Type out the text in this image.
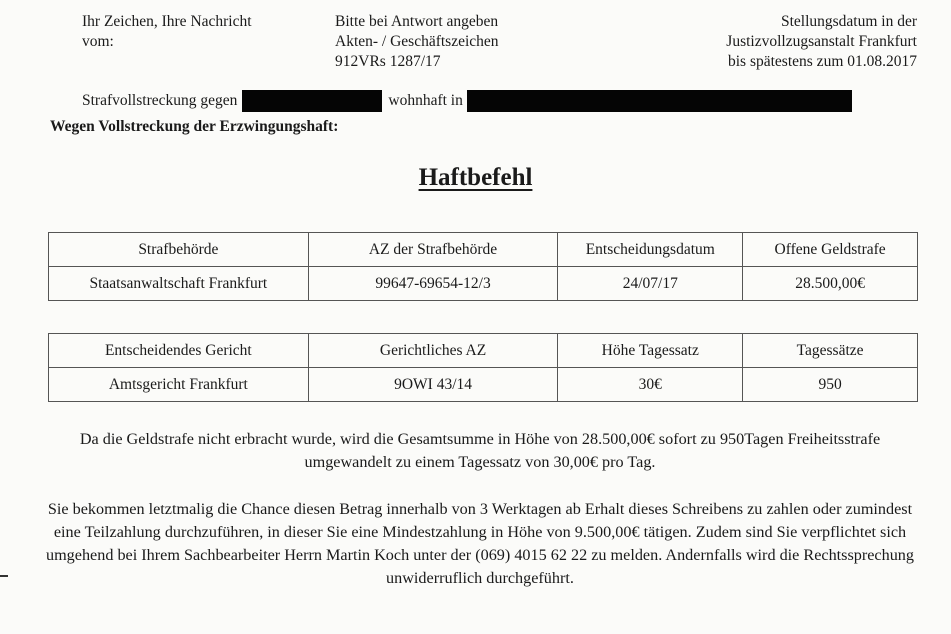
Ihr Zeichen, Ihre Nachricht
vom:
Bitte bei Antwort angeben
Akten- / Geschäftszeichen
912VRs 1287/17
Stellungsdatum in der
Justizvollzugsanstalt Frankfurt
bis spätestens zum 01.08.2017
Strafvollstreckung gegen	wohnhaft in
Wegen Vollstreckung der Erzwingungshaft:
Haftbefehl
Strafbehörde	AZ der Strafbehörde	Entscheidungsdatum	Offene Geldstrafe
Staatsanwaltschaft Frankfurt	99647-69654-12/3	24/07/17	28.500,00€
Entscheidendes Gericht	Gerichtliches AZ	Höhe Tagessatz	Tagessätze
Amtsgericht Frankfurt	9OWI 43/14	30€	950
Da die Geldstrafe nicht erbracht wurde, wird die Gesamtsumme in Höhe von 28.500,00€ sofort zu 950Tagen Freiheitsstrafe umgewandelt zu einem Tagessatz von 30,00€ pro Tag.
Sie bekommen letztmalig die Chance diesen Betrag innerhalb von 3 Werktagen ab Erhalt dieses Schreibens zu zahlen oder zumindest eine Teilzahlung durchzuführen, in dieser Sie eine Mindestzahlung in Höhe von 9.500,00€ tätigen. Zudem sind Sie verpflichtet sich umgehend bei Ihrem Sachbearbeiter Herrn Martin Koch unter der (069) 4015 62 22 zu melden. Andernfalls wird die Rechtssprechung unwiderruflich durchgeführt.
